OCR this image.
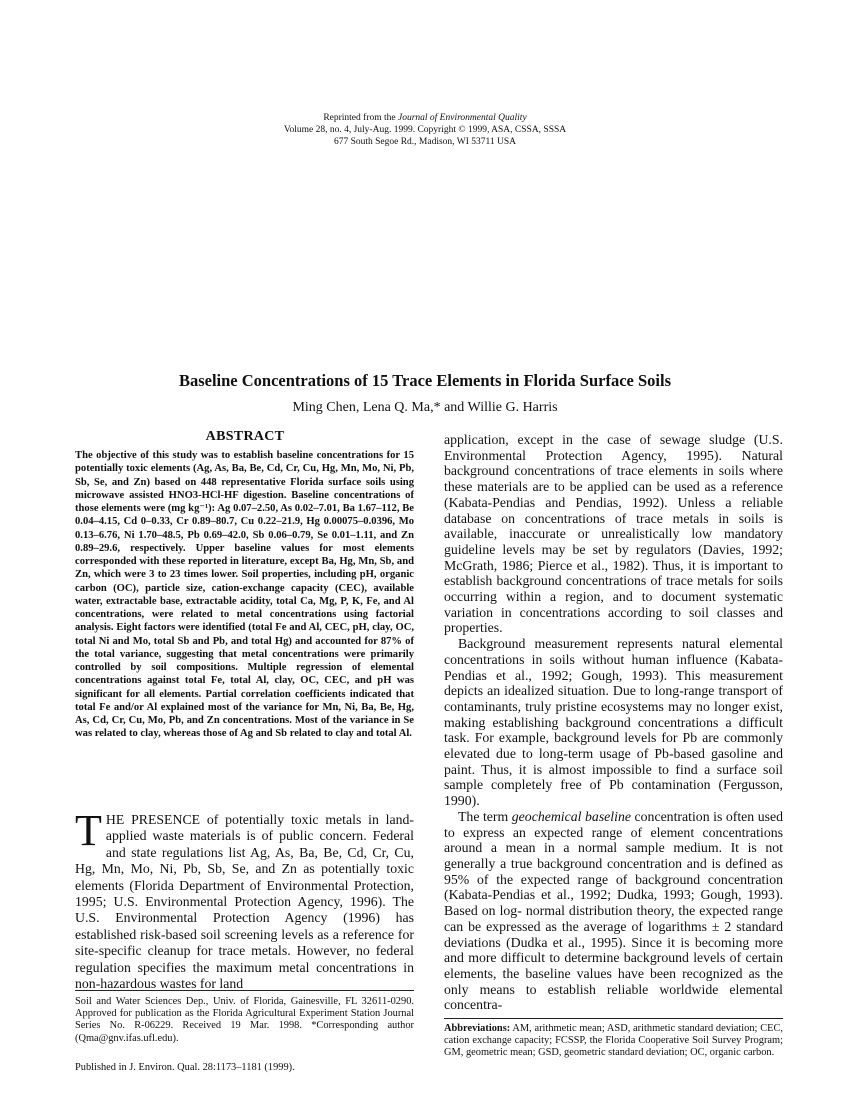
Reprinted from the Journal of Environmental Quality
Volume 28, no. 4, July-Aug. 1999. Copyright © 1999, ASA, CSSA, SSSA
677 South Segoe Rd., Madison, WI 53711 USA
Baseline Concentrations of 15 Trace Elements in Florida Surface Soils
Ming Chen, Lena Q. Ma,* and Willie G. Harris
ABSTRACT
The objective of this study was to establish baseline concentrations for 15 potentially toxic elements (Ag, As, Ba, Be, Cd, Cr, Cu, Hg, Mn, Mo, Ni, Pb, Sb, Se, and Zn) based on 448 representative Florida surface soils using microwave assisted HNO3-HCl-HF digestion. Baseline concentrations of those elements were (mg kg⁻¹): Ag 0.07–2.50, As 0.02–7.01, Ba 1.67–112, Be 0.04–4.15, Cd 0–0.33, Cr 0.89–80.7, Cu 0.22–21.9, Hg 0.00075–0.0396, Mo 0.13–6.76, Ni 1.70–48.5, Pb 0.69–42.0, Sb 0.06–0.79, Se 0.01–1.11, and Zn 0.89–29.6, respectively. Upper baseline values for most elements corresponded with these reported in literature, except Ba, Hg, Mn, Sb, and Zn, which were 3 to 23 times lower. Soil properties, including pH, organic carbon (OC), particle size, cation-exchange capacity (CEC), available water, extractable base, extractable acidity, total Ca, Mg, P, K, Fe, and Al concentrations, were related to metal concentrations using factorial analysis. Eight factors were identified (total Fe and Al, CEC, pH, clay, OC, total Ni and Mo, total Sb and Pb, and total Hg) and accounted for 87% of the total variance, suggesting that metal concentrations were primarily controlled by soil compositions. Multiple regression of elemental concentrations against total Fe, total Al, clay, OC, CEC, and pH was significant for all elements. Partial correlation coefficients indicated that total Fe and/or Al explained most of the variance for Mn, Ni, Ba, Be, Hg, As, Cd, Cr, Cu, Mo, Pb, and Zn concentrations. Most of the variance in Se was related to clay, whereas those of Ag and Sb related to clay and total Al.
THE PRESENCE of potentially toxic metals in land-applied waste materials is of public concern. Federal and state regulations list Ag, As, Ba, Be, Cd, Cr, Cu, Hg, Mn, Mo, Ni, Pb, Sb, Se, and Zn as potentially toxic elements (Florida Department of Environmental Protection, 1995; U.S. Environmental Protection Agency, 1996). The U.S. Environmental Protection Agency (1996) has established risk-based soil screening levels as a reference for site-specific cleanup for trace metals. However, no federal regulation specifies the maximum metal concentrations in non-hazardous wastes for land
Soil and Water Sciences Dep., Univ. of Florida, Gainesville, FL 32611-0290. Approved for publication as the Florida Agricultural Experiment Station Journal Series No. R-06229. Received 19 Mar. 1998. *Corresponding author (Qma@gnv.ifas.ufl.edu).
Published in J. Environ. Qual. 28:1173–1181 (1999).

application, except in the case of sewage sludge (U.S. Environmental Protection Agency, 1995). Natural background concentrations of trace elements in soils where these materials are to be applied can be used as a reference (Kabata-Pendias and Pendias, 1992). Unless a reliable database on concentrations of trace metals in soils is available, inaccurate or unrealistically low mandatory guideline levels may be set by regulators (Davies, 1992; McGrath, 1986; Pierce et al., 1982). Thus, it is important to establish background concentrations of trace metals for soils occurring within a region, and to document systematic variation in concentrations according to soil classes and properties.

Background measurement represents natural elemental concentrations in soils without human influence (Kabata-Pendias et al., 1992; Gough, 1993). This measurement depicts an idealized situation. Due to long-range transport of contaminants, truly pristine ecosystems may no longer exist, making establishing background concentrations a difficult task. For example, background levels for Pb are commonly elevated due to long-term usage of Pb-based gasoline and paint. Thus, it is almost impossible to find a surface soil sample completely free of Pb contamination (Fergusson, 1990).

The term geochemical baseline concentration is often used to express an expected range of element concentrations around a mean in a normal sample medium. It is not generally a true background concentration and is defined as 95% of the expected range of background concentration (Kabata-Pendias et al., 1992; Dudka, 1993; Gough, 1993). Based on log- normal distribution theory, the expected range can be expressed as the average of logarithms ± 2 standard deviations (Dudka et al., 1995). Since it is becoming more and more difficult to determine background levels of certain elements, the baseline values have been recognized as the only means to establish reliable worldwide elemental concentra-

Abbreviations: AM, arithmetic mean; ASD, arithmetic standard deviation; CEC, cation exchange capacity; FCSSP, the Florida Cooperative Soil Survey Program; GM, geometric mean; GSD, geometric standard deviation; OC, organic carbon.
